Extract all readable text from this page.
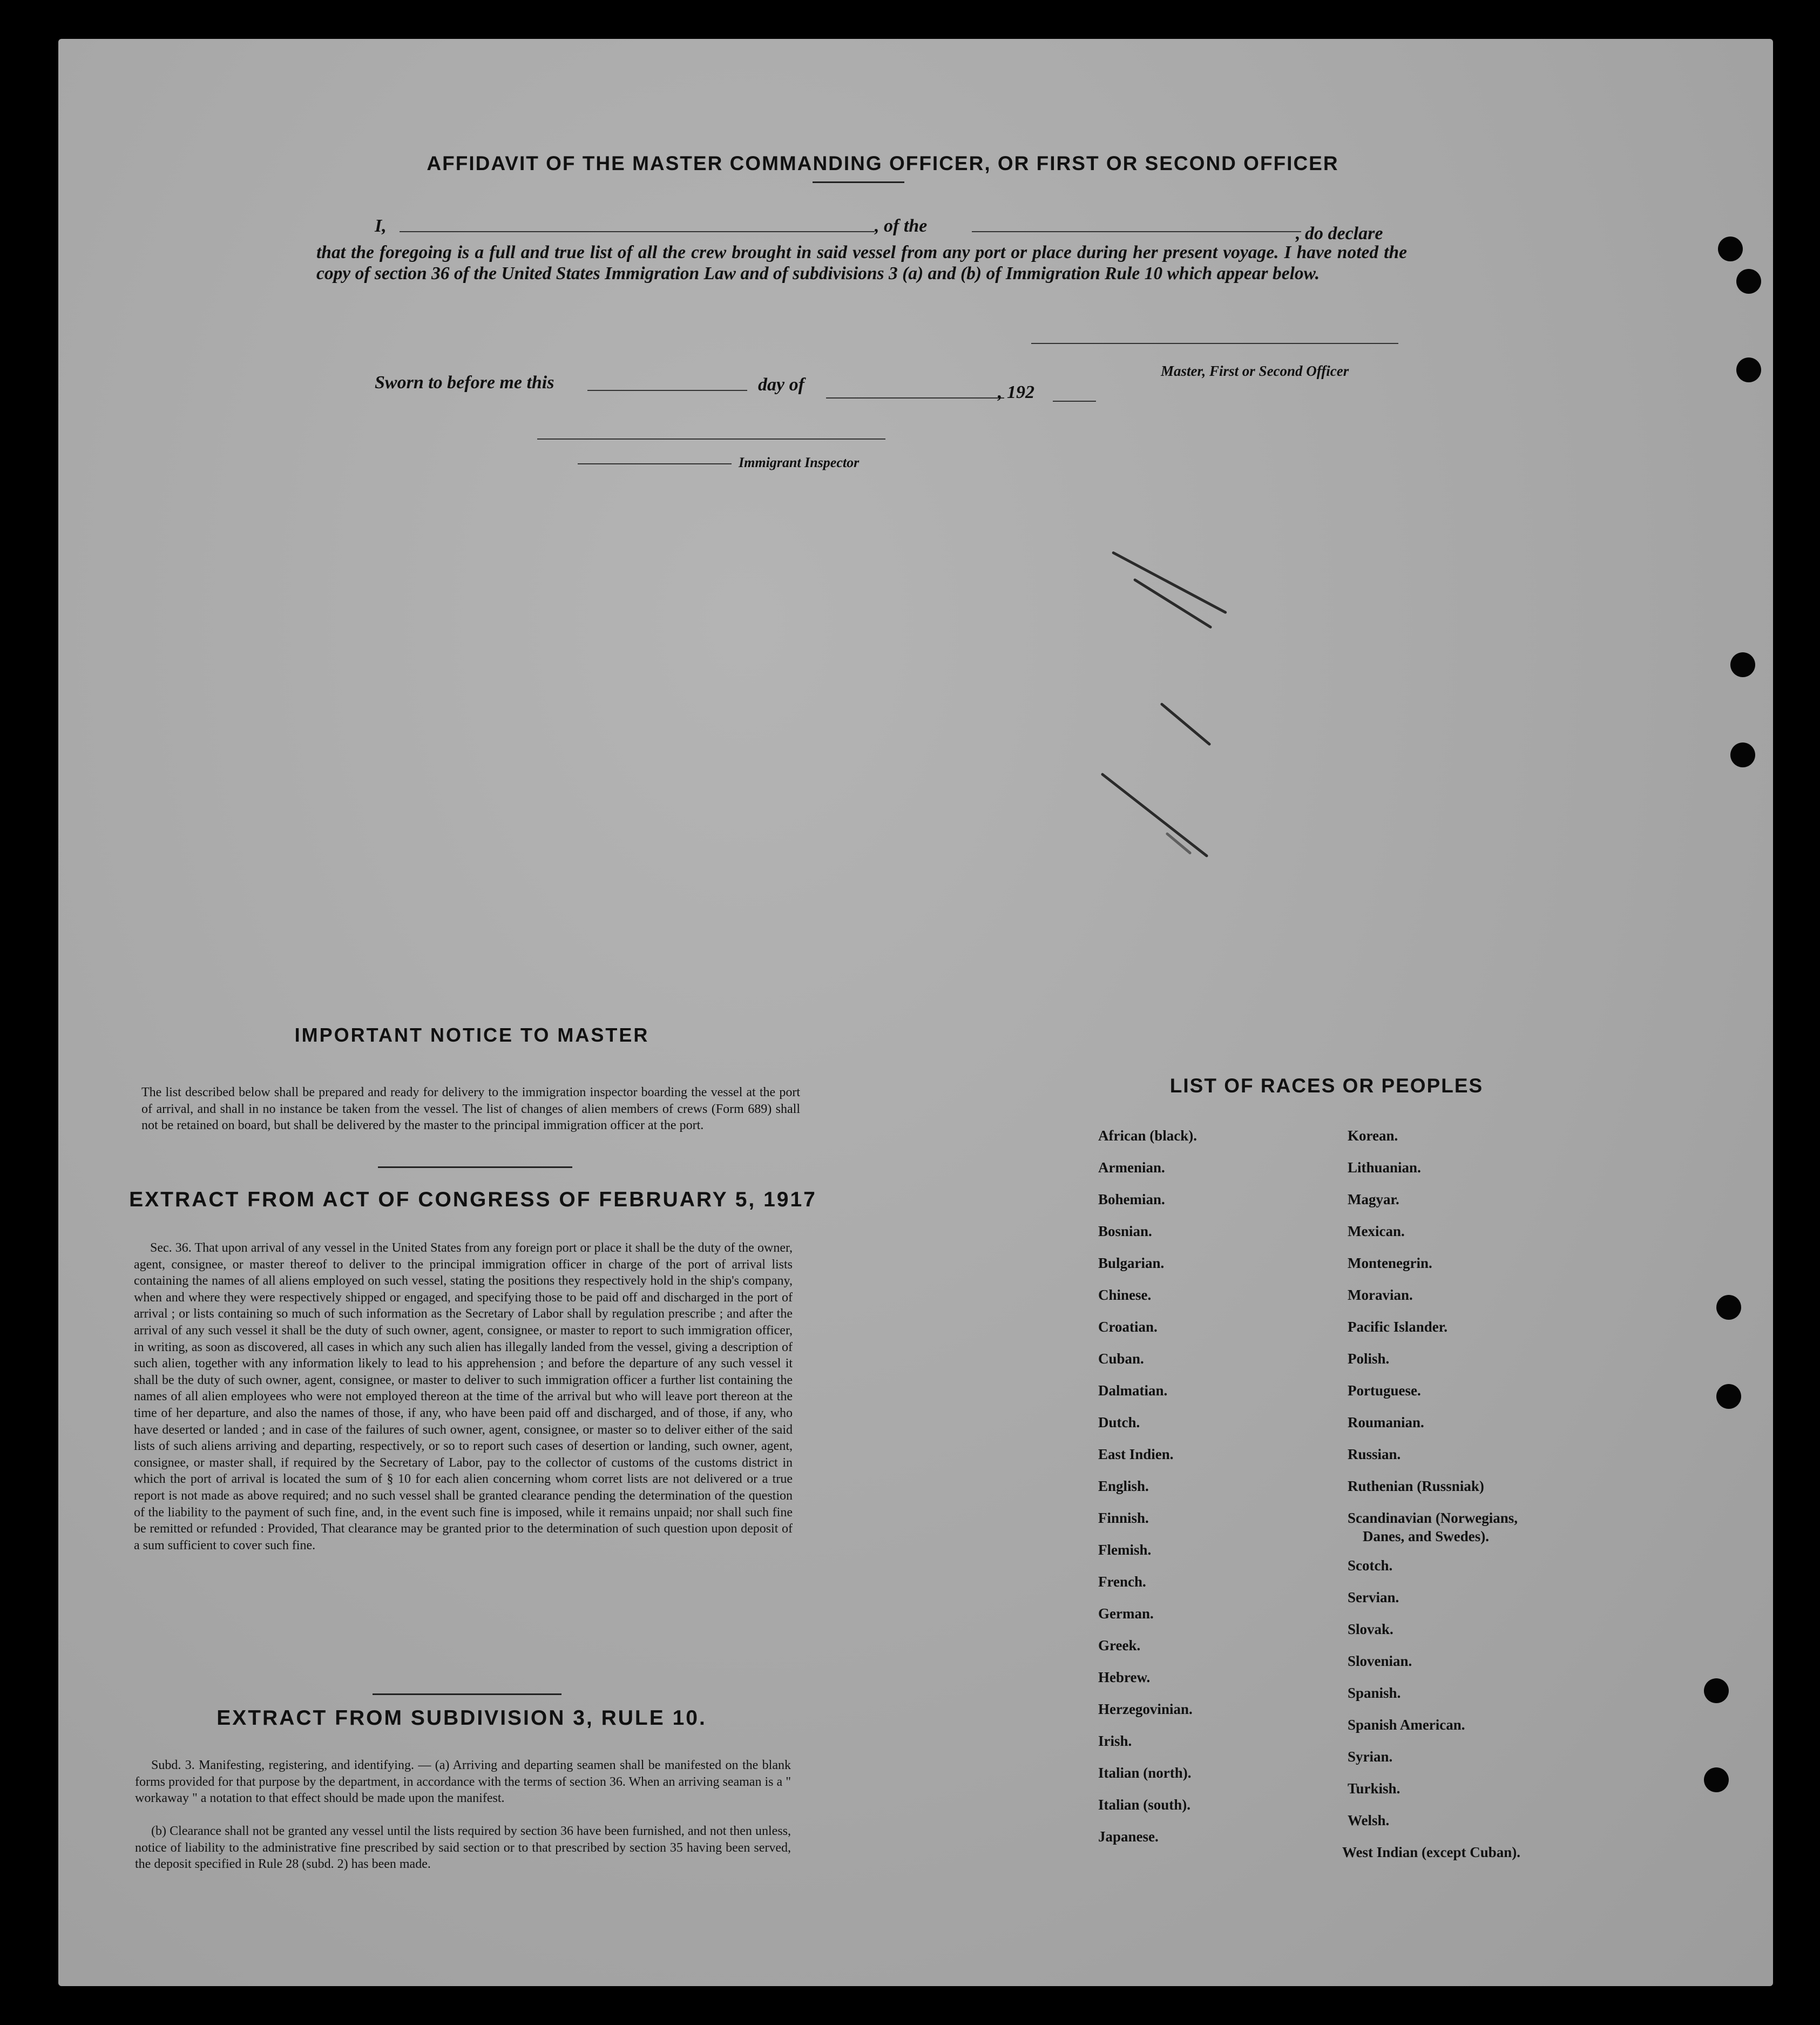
AFFIDAVIT OF THE MASTER COMMANDING OFFICER, OR FIRST OR SECOND OFFICER
I,	, of the	, do declare
that the foregoing is a full and true list of all the crew brought in said vessel from any port or place during her present voyage. I have noted the copy of section 36 of the United States Immigration Law and of subdivisions 3 (a) and (b) of Immigration Rule 10 which appear below.
Master, First or Second Officer
Sworn to before me this	day of	, 192
Immigrant Inspector
IMPORTANT NOTICE TO MASTER
The list described below shall be prepared and ready for delivery to the immigration inspector boarding the vessel at the port of arrival, and shall in no instance be taken from the vessel. The list of changes of alien members of crews (Form 689) shall not be retained on board, but shall be delivered by the master to the principal immigration officer at the port.
EXTRACT FROM ACT OF CONGRESS OF FEBRUARY 5, 1917
Sec. 36. That upon arrival of any vessel in the United States from any foreign port or place it shall be the duty of the owner, agent, consignee, or master thereof to deliver to the principal immigration officer in charge of the port of arrival lists containing the names of all aliens employed on such vessel, stating the positions they respectively hold in the ship's company, when and where they were respectively shipped or engaged, and specifying those to be paid off and discharged in the port of arrival ; or lists containing so much of such information as the Secretary of Labor shall by regulation prescribe ; and after the arrival of any such vessel it shall be the duty of such owner, agent, consignee, or master to report to such immigration officer, in writing, as soon as discovered, all cases in which any such alien has illegally landed from the vessel, giving a description of such alien, together with any information likely to lead to his apprehension ; and before the departure of any such vessel it shall be the duty of such owner, agent, consignee, or master to deliver to such immigration officer a further list containing the names of all alien employees who were not employed thereon at the time of the arrival but who will leave port thereon at the time of her departure, and also the names of those, if any, who have been paid off and discharged, and of those, if any, who have deserted or landed ; and in case of the failures of such owner, agent, consignee, or master so to deliver either of the said lists of such aliens arriving and departing, respectively, or so to report such cases of desertion or landing, such owner, agent, consignee, or master shall, if required by the Secretary of Labor, pay to the collector of customs of the customs district in which the port of arrival is located the sum of § 10 for each alien concerning whom corret lists are not delivered or a true report is not made as above required; and no such vessel shall be granted clearance pending the determination of the question of the liability to the payment of such fine, and, in the event such fine is imposed, while it remains unpaid; nor shall such fine be remitted or refunded : Provided, That clearance may be granted prior to the determination of such question upon deposit of a sum sufficient to cover such fine.
EXTRACT FROM SUBDIVISION 3, RULE 10.
Subd. 3. Manifesting, registering, and identifying. — (a) Arriving and departing seamen shall be manifested on the blank forms provided for that purpose by the department, in accordance with the terms of section 36. When an arriving seaman is a " workaway " a notation to that effect should be made upon the manifest.
(b) Clearance shall not be granted any vessel until the lists required by section 36 have been furnished, and not then unless, notice of liability to the administrative fine prescribed by said section or to that prescribed by section 35 having been served, the deposit specified in Rule 28 (subd. 2) has been made.
LIST OF RACES OR PEOPLES
African (black).
Armenian.
Bohemian.
Bosnian.
Bulgarian.
Chinese.
Croatian.
Cuban.
Dalmatian.
Dutch.
East Indien.
English.
Finnish.
Flemish.
French.
German.
Greek.
Hebrew.
Herzegovinian.
Irish.
Italian (north).
Italian (south).
Japanese.
Korean.
Lithuanian.
Magyar.
Mexican.
Montenegrin.
Moravian.
Pacific Islander.
Polish.
Portuguese.
Roumanian.
Russian.
Ruthenian (Russniak)
Scandinavian (Norwegians,
Danes, and Swedes).
Scotch.
Servian.
Slovak.
Slovenian.
Spanish.
Spanish American.
Syrian.
Turkish.
Welsh.
West Indian (except Cuban).
